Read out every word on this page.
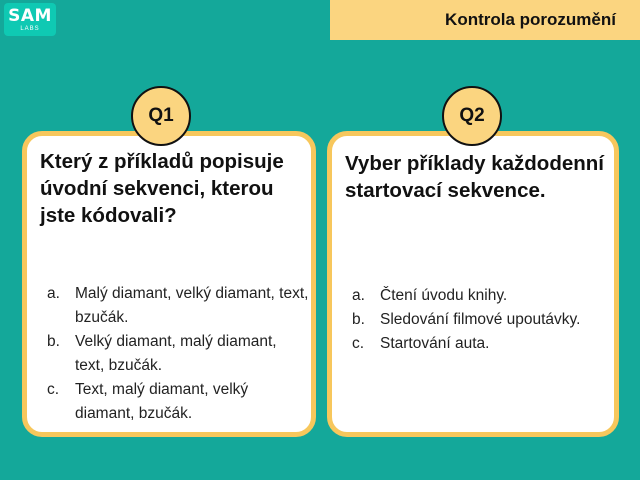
SAM
LABS	Kontrola porozumění

Který z příkladů popisuje úvodní sekvenci, kterou jste kódovali?

a. Malý diamant, velký diamant, text, bzučák.
b. Velký diamant, malý diamant, text, bzučák.
c.	Text, malý diamant, velký diamant, bzučák.

Vyber příklady každodenní startovací sekvence.

a. Čtení úvodu knihy.
b. Sledování filmové upoutávky.
c.	Startování auta.
Q1	Q2
